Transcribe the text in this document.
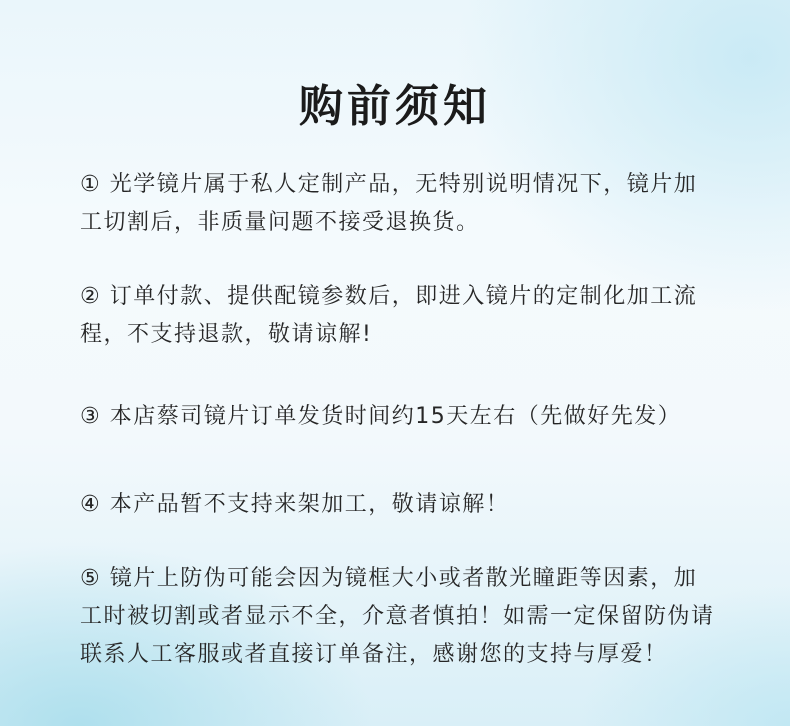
购前须知

① 光学镜片属于私人定制产品，无特别说明情况下，镜片加工切割后，非质量问题不接受退换货。

② 订单付款、提供配镜参数后，即进入镜片的定制化加工流程，不支持退款，敬请谅解!

③ 本店蔡司镜片订单发货时间约15天左右（先做好先发）

④ 本产品暂不支持来架加工，敬请谅解！

⑤ 镜片上防伪可能会因为镜框大小或者散光瞳距等因素，加工时被切割或者显示不全，介意者慎拍！如需一定保留防伪请联系人工客服或者直接订单备注，感谢您的支持与厚爱！
